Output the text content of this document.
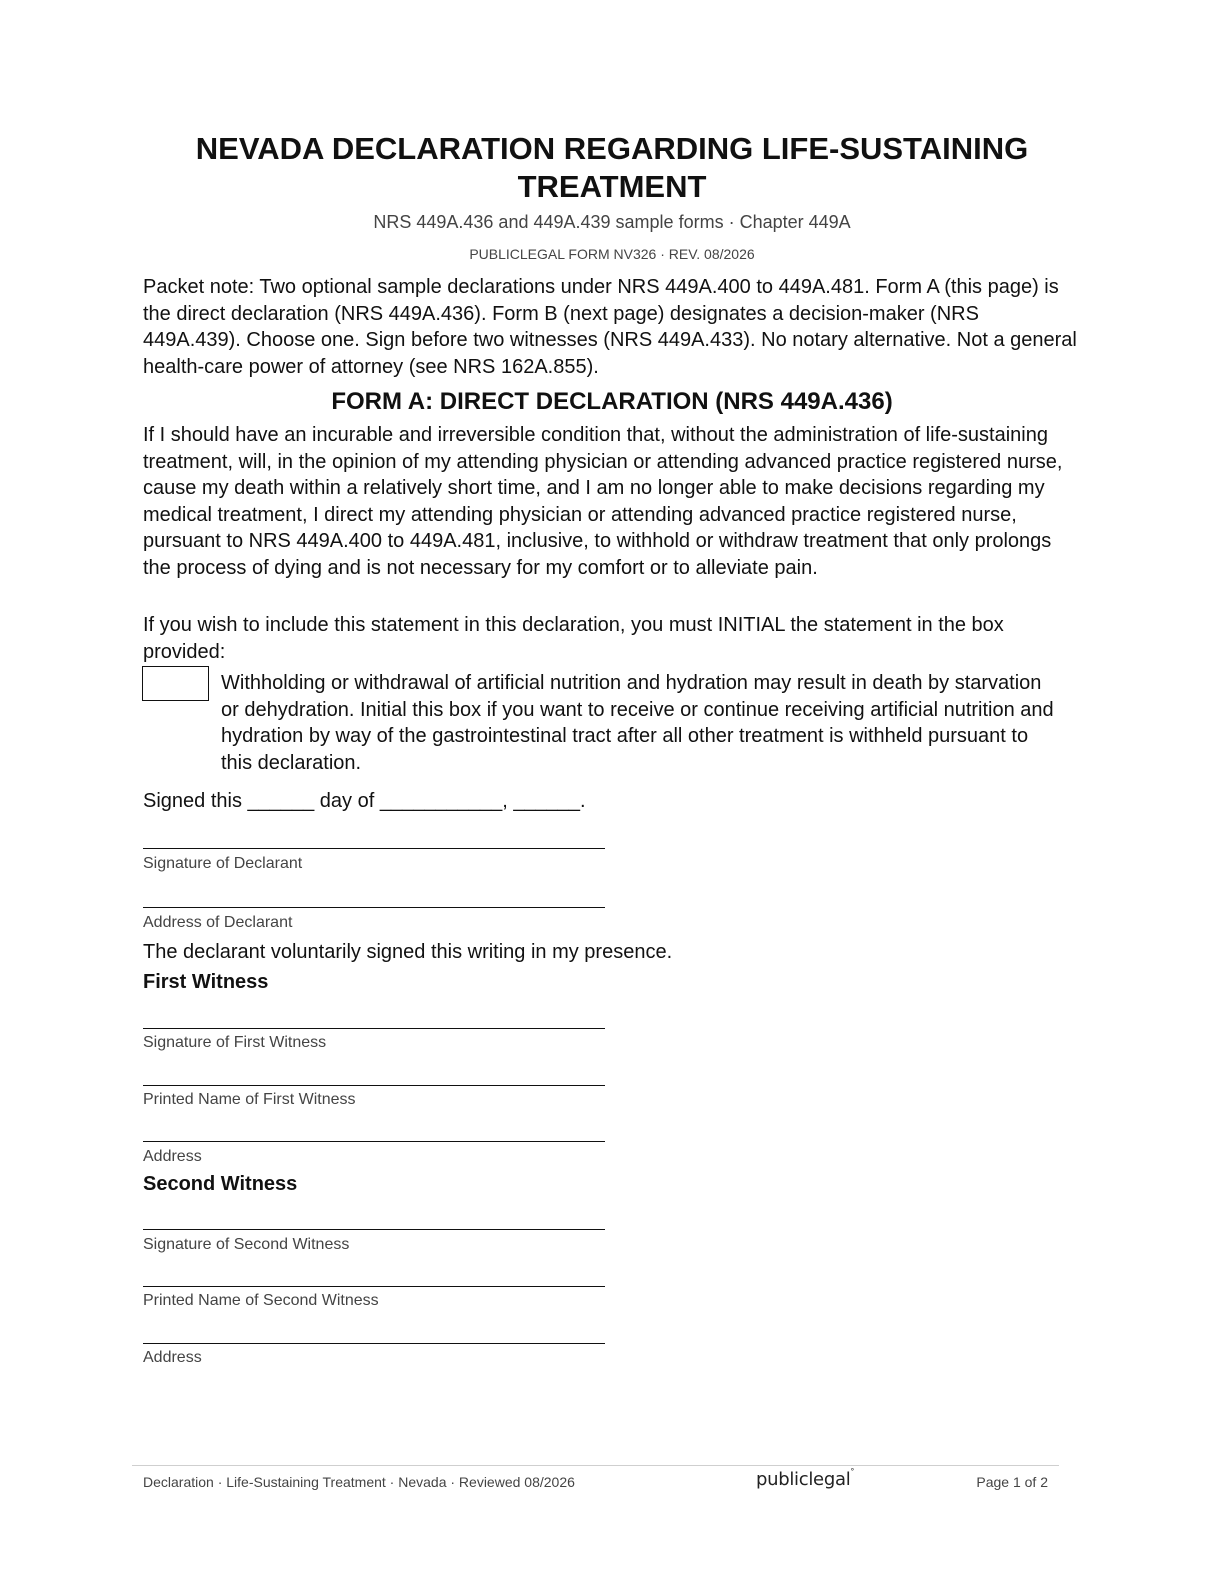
NEVADA DECLARATION REGARDING LIFE-SUSTAINING TREATMENT
NRS 449A.436 and 449A.439 sample forms · Chapter 449A
PUBLICLEGAL FORM NV326 · REV. 08/2026

Packet note: Two optional sample declarations under NRS 449A.400 to 449A.481. Form A (this page) is the direct declaration (NRS 449A.436). Form B (next page) designates a decision-maker (NRS 449A.439). Choose one. Sign before two witnesses (NRS 449A.433). No notary alternative. Not a general health-care power of attorney (see NRS 162A.855).

FORM A: DIRECT DECLARATION (NRS 449A.436)

If I should have an incurable and irreversible condition that, without the administration of life-sustaining treatment, will, in the opinion of my attending physician or attending advanced practice registered nurse, cause my death within a relatively short time, and I am no longer able to make decisions regarding my medical treatment, I direct my attending physician or attending advanced practice registered nurse, pursuant to NRS 449A.400 to 449A.481, inclusive, to withhold or withdraw treatment that only prolongs the process of dying and is not necessary for my comfort or to alleviate pain.

If you wish to include this statement in this declaration, you must INITIAL the statement in the box provided:

Withholding or withdrawal of artificial nutrition and hydration may result in death by starvation or dehydration. Initial this box if you want to receive or continue receiving artificial nutrition and hydration by way of the gastrointestinal tract after all other treatment is withheld pursuant to this declaration.

Signed this ______ day of ___________, ______.
Signature of Declarant
Address of Declarant
The declarant voluntarily signed this writing in my presence.
First Witness
Signature of First Witness
Printed Name of First Witness
Address
Second Witness
Signature of Second Witness
Printed Name of Second Witness
Address
Declaration · Life-Sustaining Treatment · Nevada · Reviewed 08/2026	publiclegal°
Page 1 of 2
